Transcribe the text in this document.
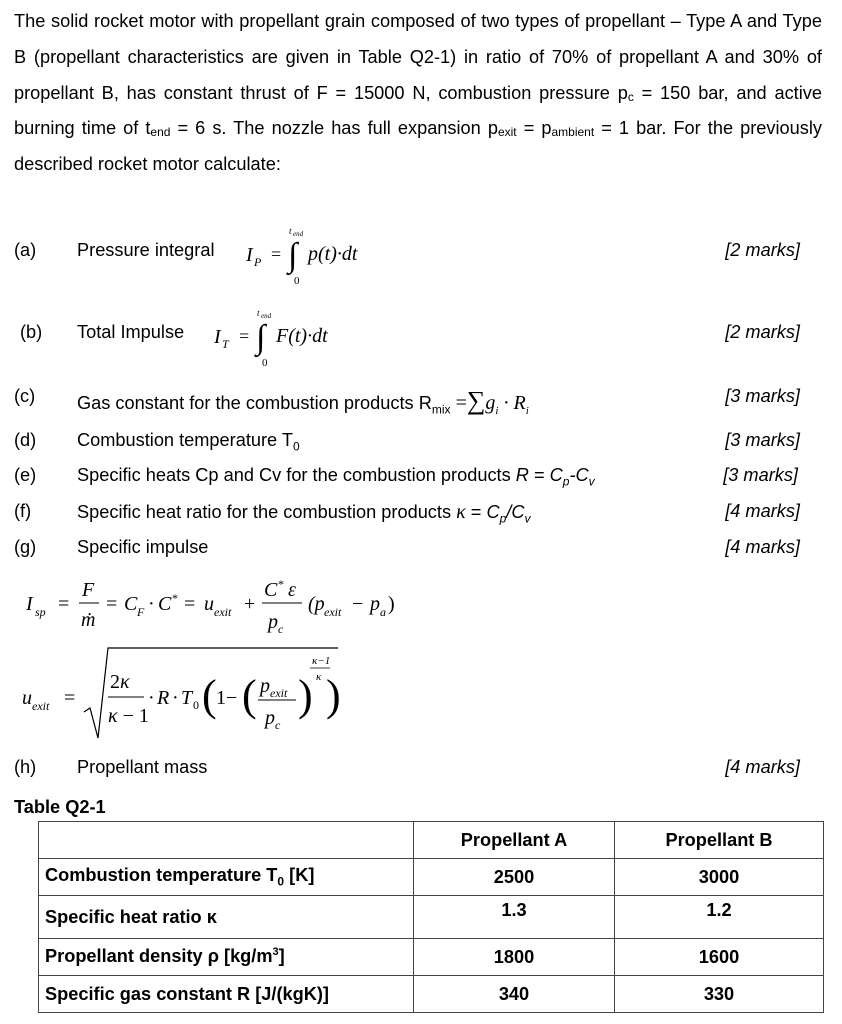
The solid rocket motor with propellant grain composed of two types of propellant – Type A and Type B (propellant characteristics are given in Table Q2-1) in ratio of 70% of propellant A and 30% of propellant B, has constant thrust of F = 15000 N, combustion pressure $p_c = 150$ bar, and active burning time of $t_{end} = 6$ s. The nozzle has full expansion $p_{exit} = p_{ambient} = 1$ bar. For the previously described rocket motor calculate:
(a) Pressure integral	[2 marks]
I P = ∫
t end
0
p(t)·dt
(b) Total Impulse	[2 marks]
I T = ∫
t end
0
F(t)·dt
(c) Gas constant for the combustion products $R_{mix} =\sum g_i \cdot R_i$
[3 marks]
(d) Combustion temperature $T_0$	[3 marks]
(e) Specific heats Cp and Cv for the combustion products $R = C_p-C_v$	[3 marks]
(f)	Specific heat ratio for the combustion products $\kappa = C_p/C_v$	[4 marks]
(g) Specific impulse	[4 marks]
I sp =
F
ṁ
= C F · C * = u exit +
C * ε
p c
(p exit − p a )
u exit =
2κ
κ − 1
· R · T 0 ( 1− ( p exit
p c
)
κ−1
κ )
(h) Propellant mass	[4 marks]
Table Q2-1
	Propellant A	Propellant B
Combustion temperature $T_0$ [K]	2500	3000
Specific heat ratio κ	1.3	1.2
Propellant density ρ $[kg/m^3]$	1800	1600
Specific gas constant R [J/(kgK)]	340	330
